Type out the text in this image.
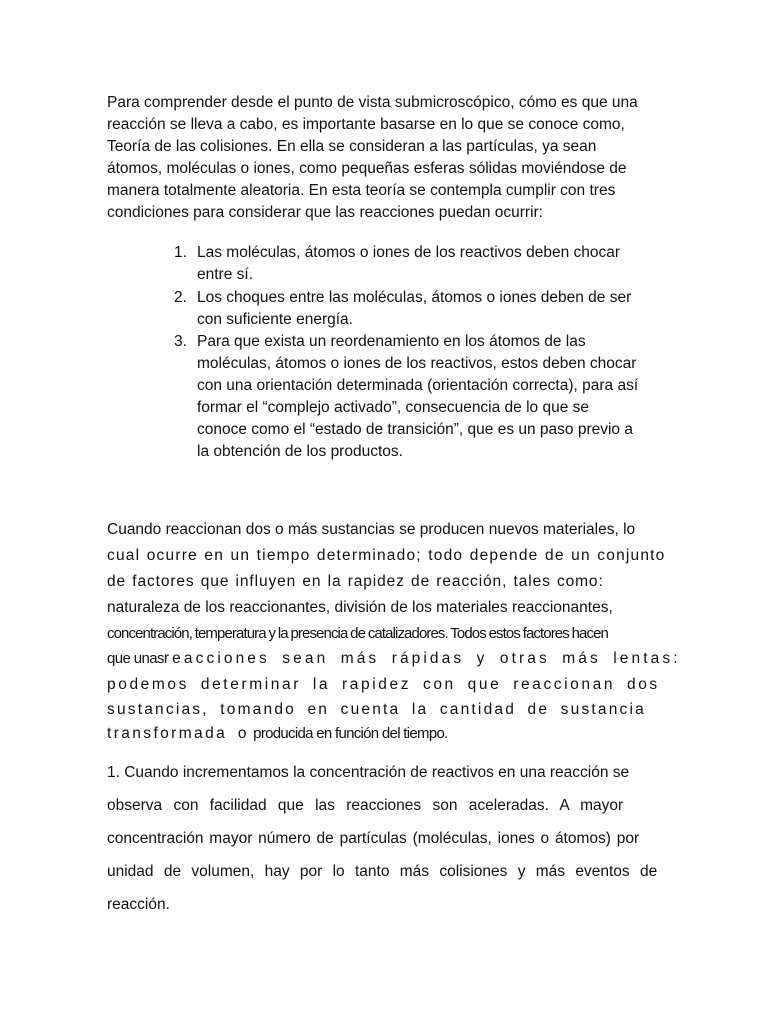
Para comprender desde el punto de vista submicroscópico, cómo es que una
reacción se lleva a cabo, es importante basarse en lo que se conoce como,
Teoría de las colisiones. En ella se consideran a las partículas, ya sean
átomos, moléculas o iones, como pequeñas esferas sólidas moviéndose de
manera totalmente aleatoria. En esta teoría se contempla cumplir con tres
condiciones para considerar que las reacciones puedan ocurrir:
1. Las moléculas, átomos o iones de los reactivos deben chocar
entre sí.
2. Los choques entre las moléculas, átomos o iones deben de ser
con suficiente energía.
3. Para que exista un reordenamiento en los átomos de las
moléculas, átomos o iones de los reactivos, estos deben chocar
con una orientación determinada (orientación correcta), para así
formar el “complejo activado”, consecuencia de lo que se
conoce como el “estado de transición”, que es un paso previo a
la obtención de los productos.
Cuando reaccionan dos o más sustancias se producen nuevos materiales, lo
cual ocurre en un tiempo determinado; todo depende de un conjunto
de factores que influyen en la rapidez de reacción, tales como:
naturaleza de los reaccionantes, división de los materiales reaccionantes,
concentración, temperatura y la presencia de catalizadores. Todos estos factores hacen
que unasreacciones sean más rápidas y otras más lentas:
podemos determinar la rapidez con que reaccionan dos
sustancias, tomando en cuenta la cantidad de sustancia
transformada o producida en función del tiempo.
1. Cuando incrementamos la concentración de reactivos en una reacción se
observa con facilidad que las reacciones son aceleradas. A mayor
concentración mayor número de partículas (moléculas, iones o átomos) por
unidad de volumen, hay por lo tanto más colisiones y más eventos de
reacción.
